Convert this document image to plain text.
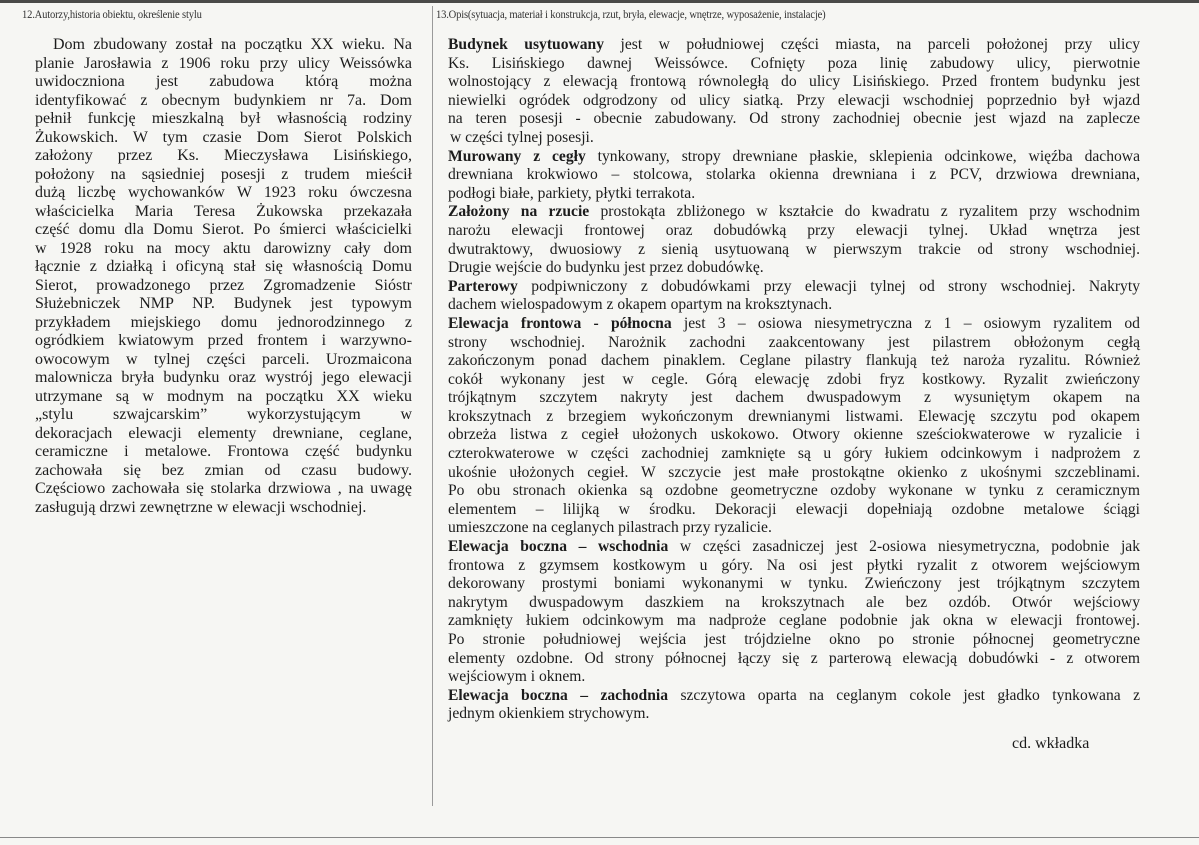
12.Autorzy,historia obiektu, określenie stylu	13.Opis(sytuacja, materiał i konstrukcja, rzut, bryła, elewacje, wnętrze, wyposażenie, instalacje)
Dom zbudowany został na początku XX wieku. Na
planie Jarosławia z 1906 roku przy ulicy Weissówka
uwidoczniona jest zabudowa którą można
identyfikować z obecnym budynkiem nr 7a. Dom
pełnił funkcję mieszkalną był własnością rodziny
Żukowskich. W tym czasie Dom Sierot Polskich
założony przez Ks. Mieczysława Lisińskiego,
położony na sąsiedniej posesji z trudem mieścił
dużą liczbę wychowanków W 1923 roku ówczesna
właścicielka Maria Teresa Żukowska przekazała
część domu dla Domu Sierot. Po śmierci właścicielki
w 1928 roku na mocy aktu darowizny cały dom
łącznie z działką i oficyną stał się własnością Domu
Sierot, prowadzonego przez Zgromadzenie Sióstr
Służebniczek NMP NP. Budynek jest typowym
przykładem miejskiego domu jednorodzinnego z
ogródkiem kwiatowym przed frontem i warzywno-
owocowym w tylnej części parceli. Urozmaicona
malownicza bryła budynku oraz wystrój jego elewacji
utrzymane są w modnym na początku XX wieku
„stylu szwajcarskim” wykorzystującym w
dekoracjach elewacji elementy drewniane, ceglane,
ceramiczne i metalowe. Frontowa część budynku
zachowała się bez zmian od czasu budowy.
Częściowo zachowała się stolarka drzwiowa , na uwagę
zasługują drzwi zewnętrzne w elewacji wschodniej.
Budynek usytuowany jest w południowej części miasta, na parceli położonej przy ulicy
Ks. Lisińskiego dawnej Weissówce. Cofnięty poza linię zabudowy ulicy, pierwotnie
wolnostojący z elewacją frontową równoległą do ulicy Lisińskiego. Przed frontem budynku jest
niewielki ogródek odgrodzony od ulicy siatką. Przy elewacji wschodniej poprzednio był wjazd
na teren posesji - obecnie zabudowany. Od strony zachodniej obecnie jest wjazd na zaplecze
w części tylnej posesji.
Murowany z cegły tynkowany, stropy drewniane płaskie, sklepienia odcinkowe, więźba dachowa
drewniana krokwiowo – stolcowa, stolarka okienna drewniana i z PCV, drzwiowa drewniana,
podłogi białe, parkiety, płytki terrakota.
Założony na rzucie prostokąta zbliżonego w kształcie do kwadratu z ryzalitem przy wschodnim
narożu elewacji frontowej oraz dobudówką przy elewacji tylnej. Układ wnętrza jest
dwutraktowy, dwuosiowy z sienią usytuowaną w pierwszym trakcie od strony wschodniej.
Drugie wejście do budynku jest przez dobudówkę.
Parterowy podpiwniczony z dobudówkami przy elewacji tylnej od strony wschodniej. Nakryty
dachem wielospadowym z okapem opartym na kroksztynach.
Elewacja frontowa - północna jest 3 – osiowa niesymetryczna z 1 – osiowym ryzalitem od
strony wschodniej. Narożnik zachodni zaakcentowany jest pilastrem obłożonym cegłą
zakończonym ponad dachem pinaklem. Ceglane pilastry flankują też naroża ryzalitu. Również
cokół wykonany jest w cegle. Górą elewację zdobi fryz kostkowy. Ryzalit zwieńczony
trójkątnym szczytem nakryty jest dachem dwuspadowym z wysuniętym okapem na
krokszytnach z brzegiem wykończonym drewnianymi listwami. Elewację szczytu pod okapem
obrzeża listwa z cegieł ułożonych uskokowo. Otwory okienne sześciokwaterowe w ryzalicie i
czterokwaterowe w części zachodniej zamknięte są u góry łukiem odcinkowym i nadprożem z
ukośnie ułożonych cegieł. W szczycie jest małe prostokątne okienko z ukośnymi szczeblinami.
Po obu stronach okienka są ozdobne geometryczne ozdoby wykonane w tynku z ceramicznym
elementem – lilijką w środku. Dekoracji elewacji dopełniają ozdobne metalowe ściągi
umieszczone na ceglanych pilastrach przy ryzalicie.
Elewacja boczna – wschodnia w części zasadniczej jest 2-osiowa niesymetryczna, podobnie jak
frontowa z gzymsem kostkowym u góry. Na osi jest płytki ryzalit z otworem wejściowym
dekorowany prostymi boniami wykonanymi w tynku. Zwieńczony jest trójkątnym szczytem
nakrytym dwuspadowym daszkiem na krokszytnach ale bez ozdób. Otwór wejściowy
zamknięty łukiem odcinkowym ma nadproże ceglane podobnie jak okna w elewacji frontowej.
Po stronie południowej wejścia jest trójdzielne okno po stronie północnej geometryczne
elementy ozdobne. Od strony północnej łączy się z parterową elewacją dobudówki - z otworem
wejściowym i oknem.
Elewacja boczna – zachodnia szczytowa oparta na ceglanym cokole jest gładko tynkowana z
jednym okienkiem strychowym.
cd. wkładka
